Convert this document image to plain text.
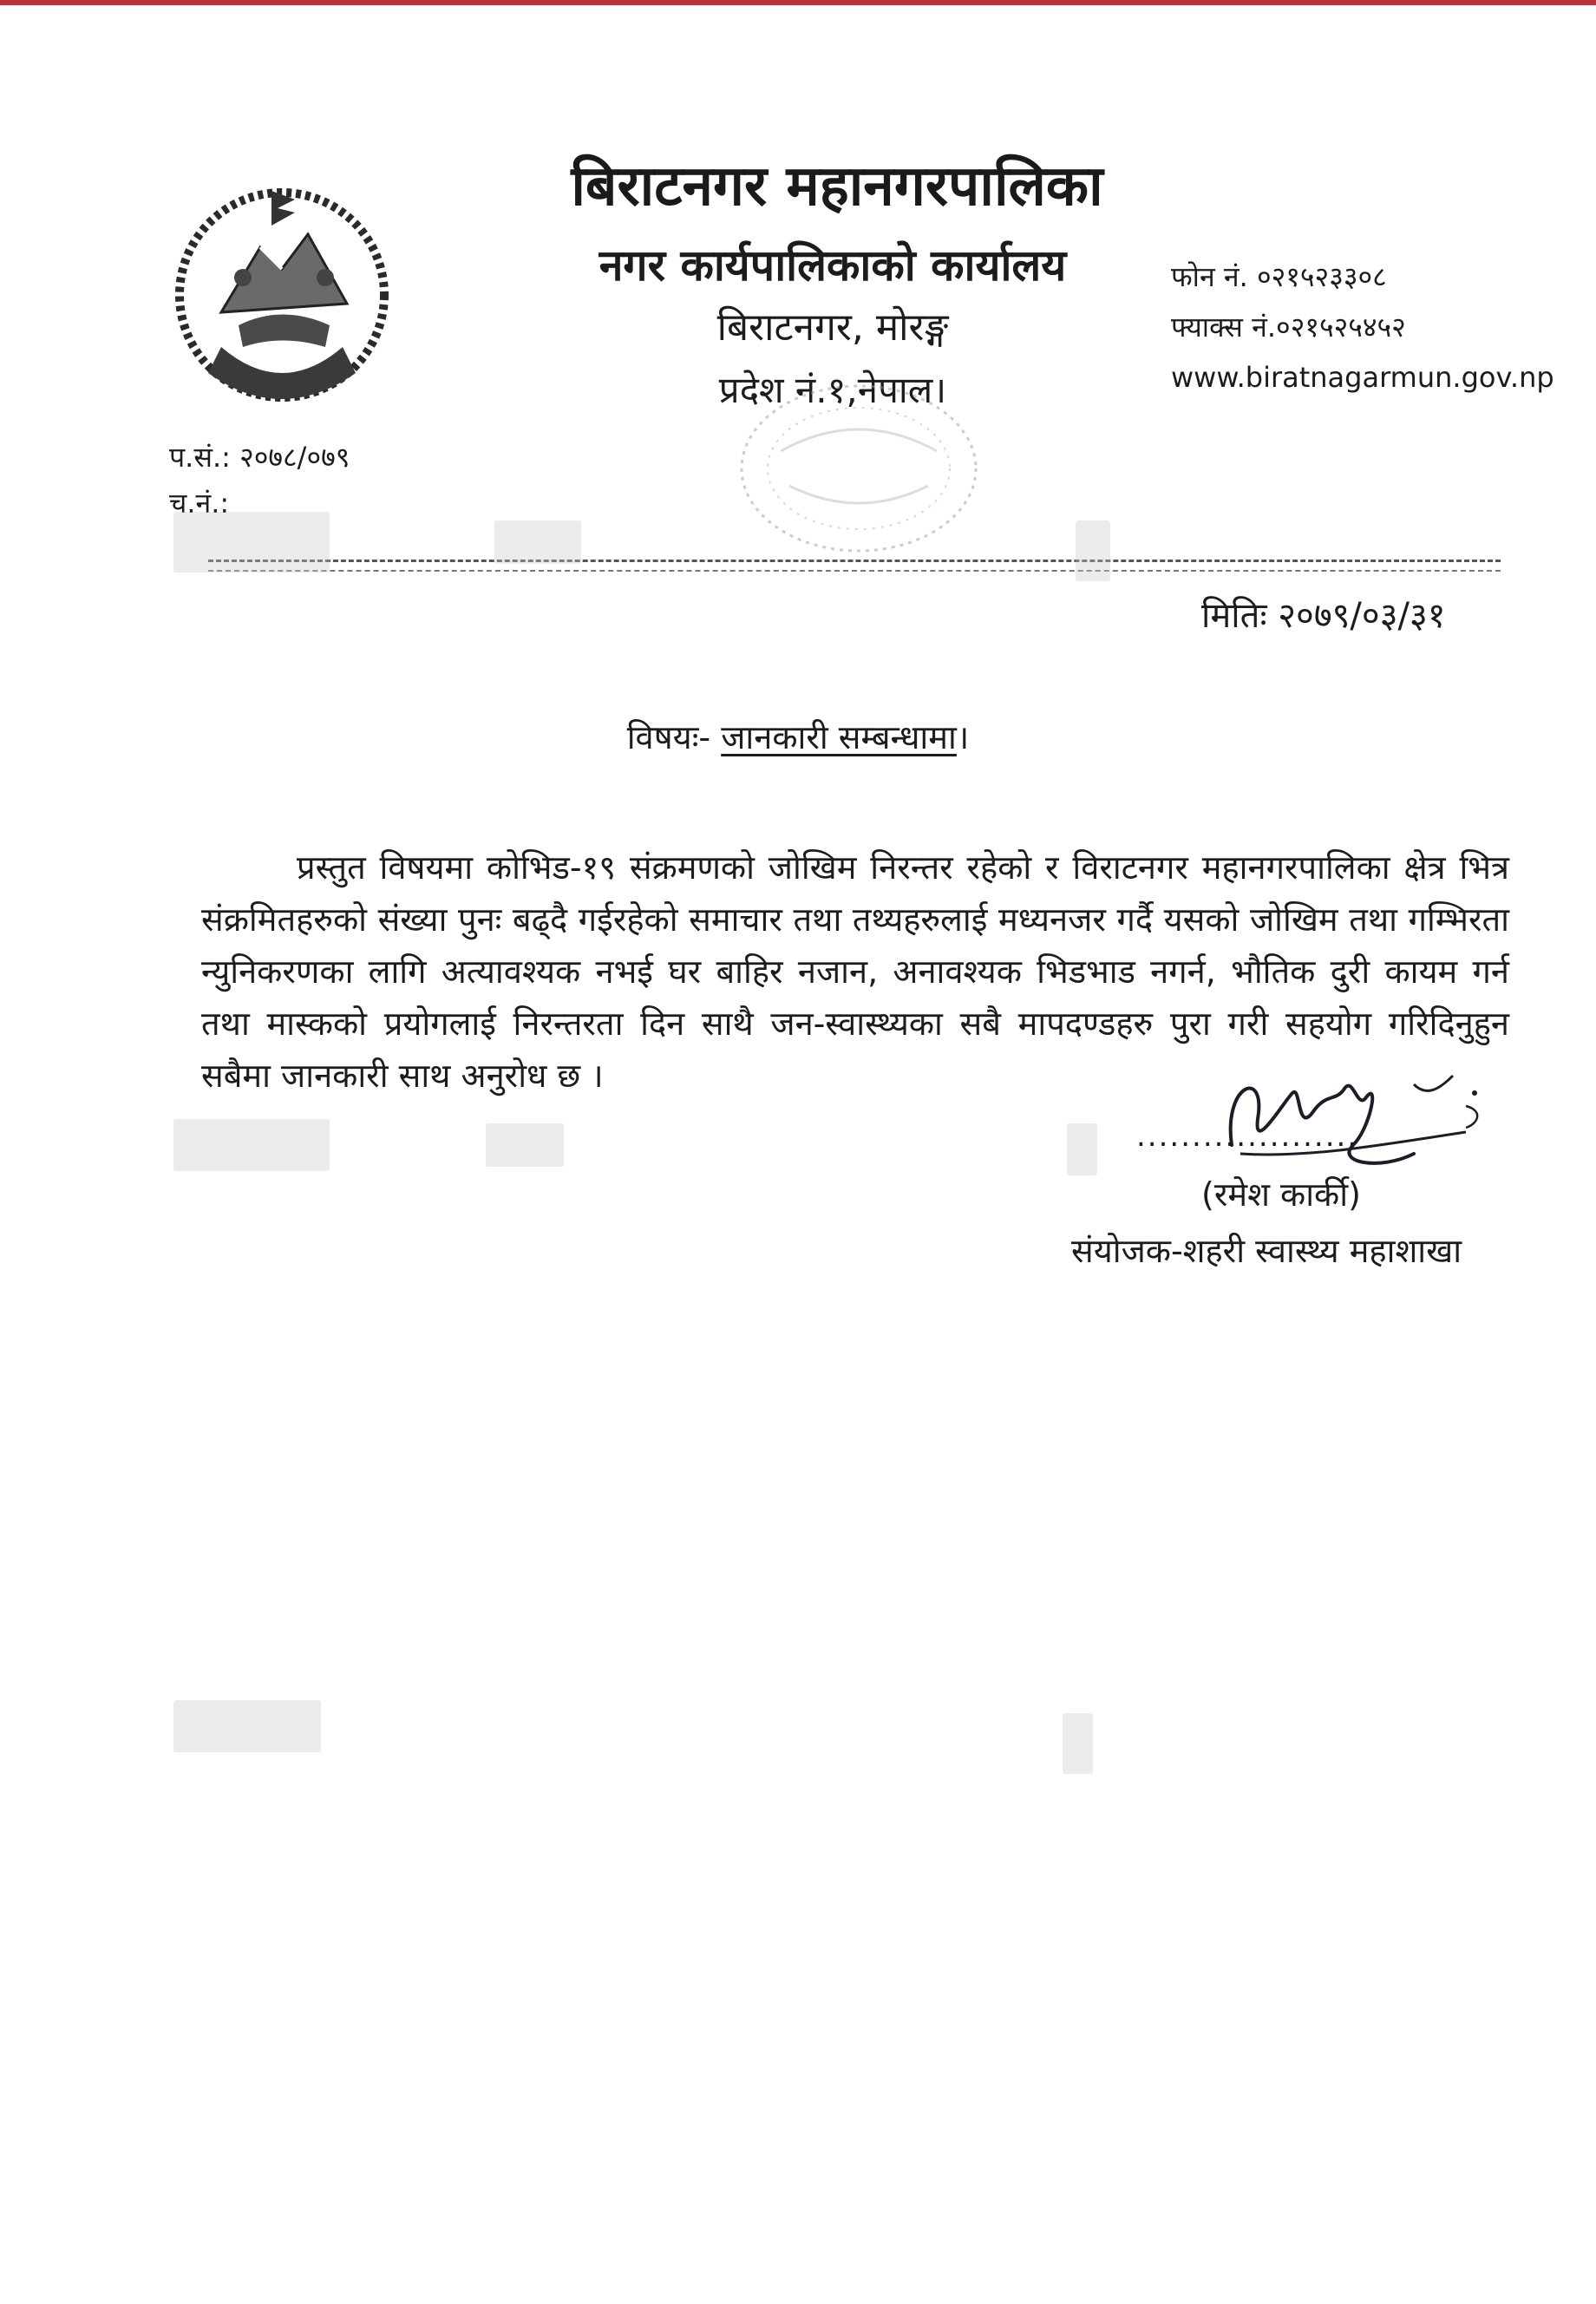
बिराटनगर महानगरपालिका
नगर कार्यपालिकाको कार्यालय
बिराटनगर, मोरङ्ग
प्रदेश नं.१,नेपाल।
फोन नं. ०२१५२३३०८
फ्याक्स नं.०२१५२५४५२
www.biratnagarmun.gov.np
प.सं.: २०७८/०७९
च.नं.:
मितिः २०७९/०३/३१
विषयः- जानकारी सम्बन्धामा।

प्रस्तुत विषयमा कोभिड-१९ संक्रमणको जोखिम निरन्तर रहेको र विराटनगर महानगरपालिका क्षेत्र भित्र संक्रमितहरुको संख्या पुनः बढ्दै गईरहेको समाचार तथा तथ्यहरुलाई मध्यनजर गर्दै यसको जोखिम तथा गम्भिरता न्युनिकरणका लागि अत्यावश्यक नभई घर बाहिर नजान, अनावश्यक भिडभाड नगर्न, भौतिक दुरी कायम गर्न तथा मास्कको प्रयोगलाई निरन्तरता दिन साथै जन-स्वास्थ्यका सबै मापदण्डहरु पुरा गरी सहयोग गरिदिनुहुन सबैमा जानकारी साथ अनुरोध छ ।

....................
(रमेश कार्की)
संयोजक-शहरी स्वास्थ्य महाशाखा
